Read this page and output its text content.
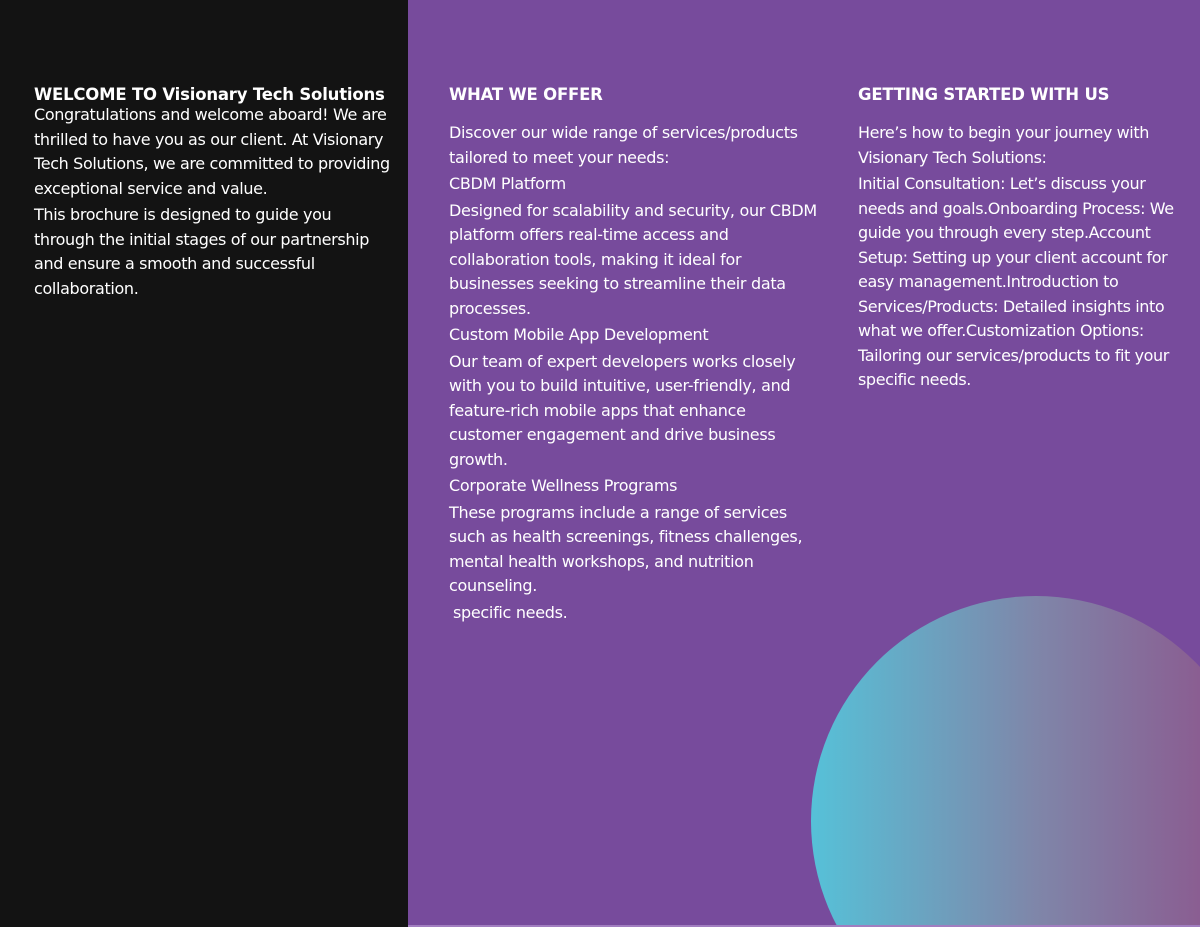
WELCOME TO Visionary Tech Solutions

Congratulations and welcome aboard! We are thrilled to have you as our client. At Visionary Tech Solutions, we are committed to providing exceptional service and value.

This brochure is designed to guide you through the initial stages of our partnership and ensure a smooth and successful collaboration.

WHAT WE OFFER

Discover our wide range of services/products tailored to meet your needs:

CBDM Platform

Designed for scalability and security, our CBDM platform offers real-time access and collaboration tools, making it ideal for businesses seeking to streamline their data processes.

Custom Mobile App Development

Our team of expert developers works closely with you to build intuitive, user-friendly, and feature-rich mobile apps that enhance customer engagement and drive business growth.

Corporate Wellness Programs

These programs include a range of services such as health screenings, fitness challenges, mental health workshops, and nutrition counseling.

specific needs.

GETTING STARTED WITH US

Here’s how to begin your journey with Visionary Tech Solutions:

Initial Consultation: Let’s discuss your needs and goals.Onboarding Process: We guide you through every step.Account Setup: Setting up your client account for easy management.Introduction to Services/Products: Detailed insights into what we offer.Customization Options: Tailoring our services/products to fit your specific needs.
